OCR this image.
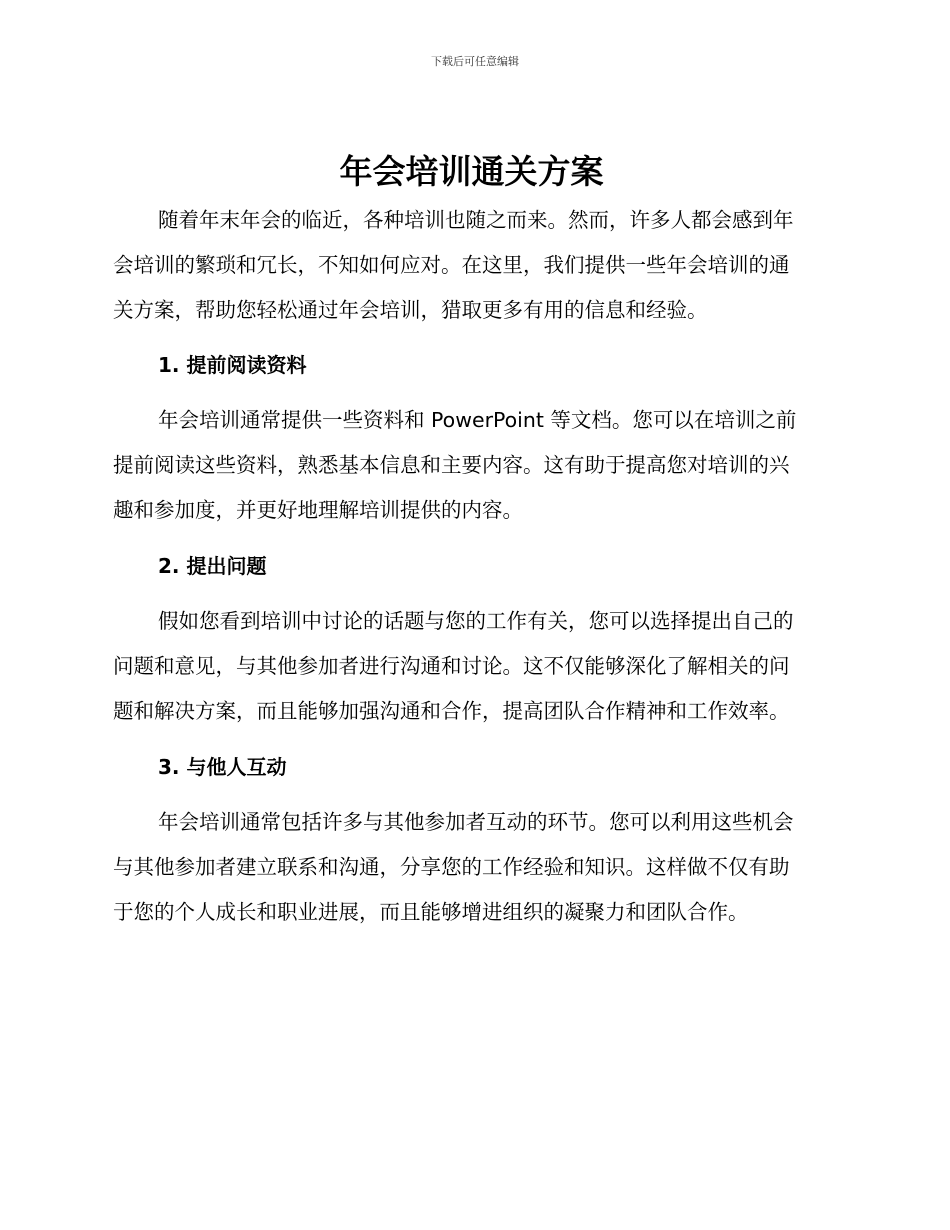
下载后可任意编辑
年会培训通关方案

随着年末年会的临近，各种培训也随之而来。然而，许多人都会感到年
会培训的繁琐和冗长，不知如何应对。在这里，我们提供一些年会培训的通
关方案，帮助您轻松通过年会培训，猎取更多有用的信息和经验。

1. 提前阅读资料

年会培训通常提供一些资料和 PowerPoint 等文档。您可以在培训之前
提前阅读这些资料，熟悉基本信息和主要内容。这有助于提高您对培训的兴
趣和参加度，并更好地理解培训提供的内容。

2. 提出问题

假如您看到培训中讨论的话题与您的工作有关，您可以选择提出自己的
问题和意见，与其他参加者进行沟通和讨论。这不仅能够深化了解相关的问
题和解决方案，而且能够加强沟通和合作，提高团队合作精神和工作效率。

3. 与他人互动

年会培训通常包括许多与其他参加者互动的环节。您可以利用这些机会
与其他参加者建立联系和沟通，分享您的工作经验和知识。这样做不仅有助
于您的个人成长和职业进展，而且能够增进组织的凝聚力和团队合作。
